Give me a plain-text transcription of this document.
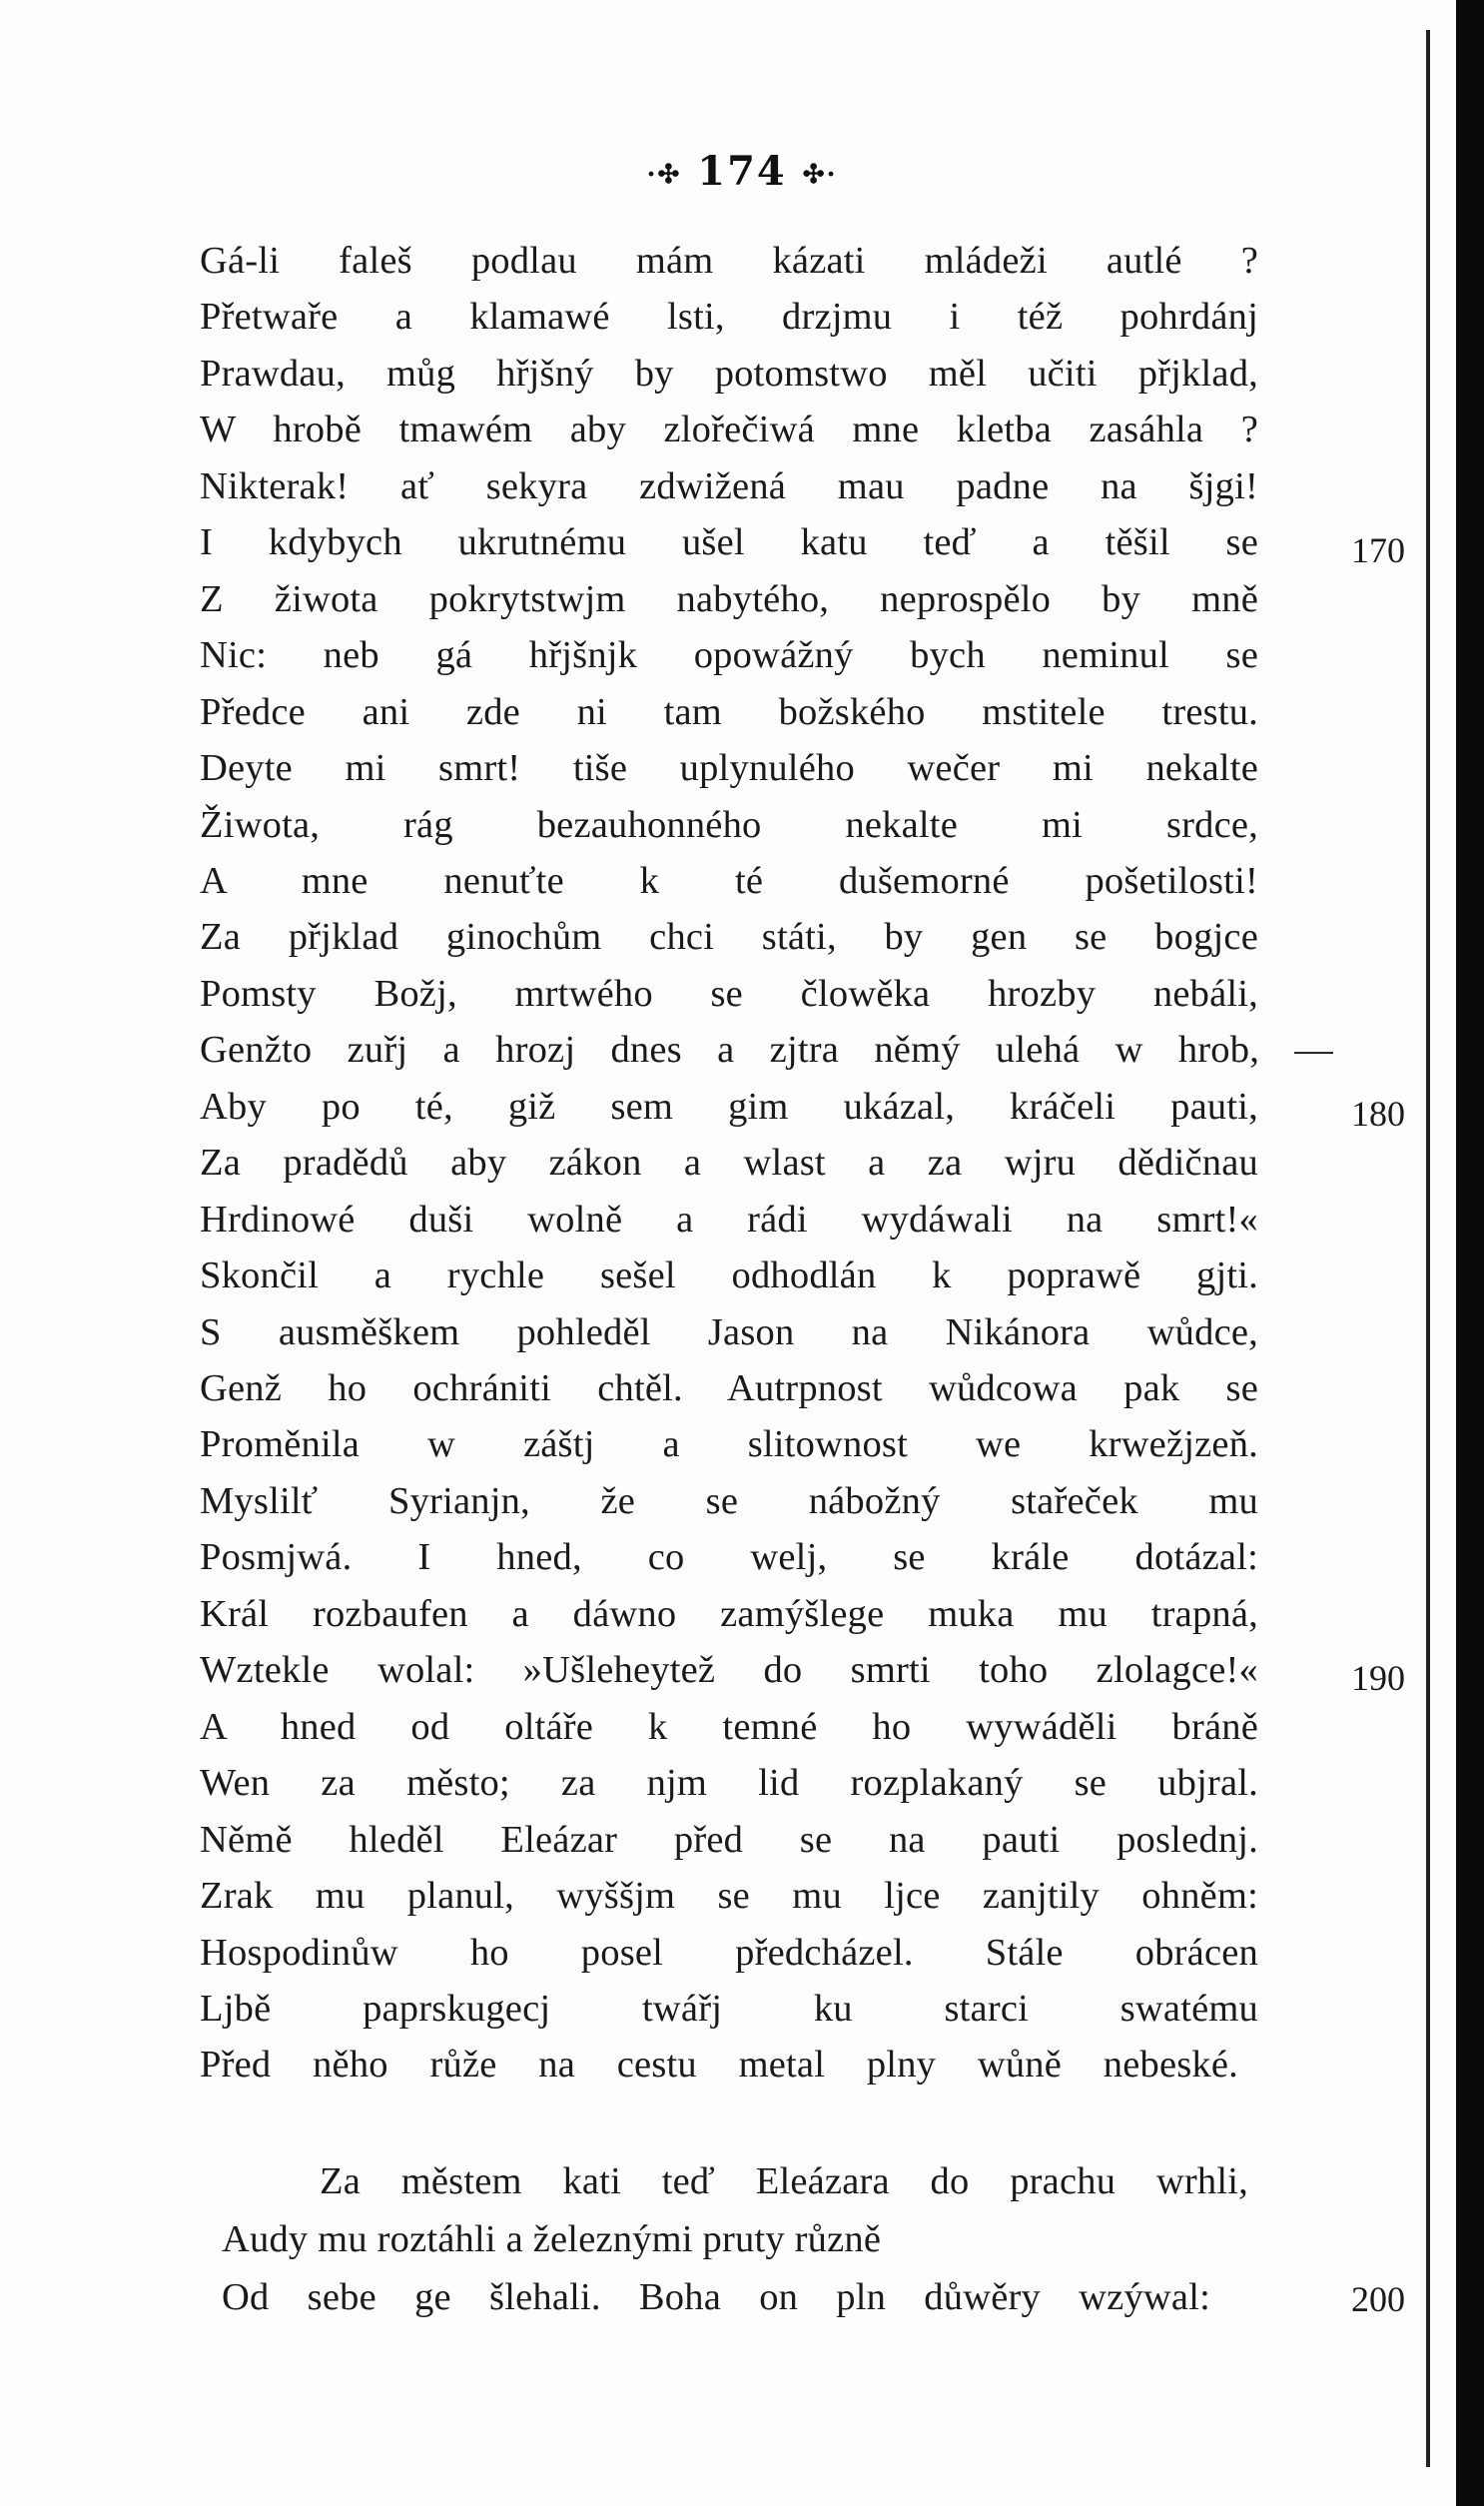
·✣ 174 ✣·
Gá-li faleš podlau mám kázati mládeži autlé ?
Přetwaře a klamawé lsti, drzjmu i též pohrdánj
Prawdau, můg hřjšný by potomstwo měl učiti přjklad,
W hrobě tmawém aby zlořečiwá mne kletba zasáhla ?
Nikterak! ať sekyra zdwižená mau padne na šjgi!
I kdybych ukrutnému ušel katu teď a těšil se
Z žiwota pokrytstwjm nabytého, neprospělo by mně
Nic: neb gá hřjšnjk opowážný bych neminul se
Předce ani zde ni tam božského mstitele trestu.
Deyte mi smrt! tiše uplynulého wečer mi nekalte
Žiwota, rág bezauhonného nekalte mi srdce,
A mne nenuťte k té dušemorné pošetilosti!
Za přjklad ginochům chci státi, by gen se bogjce
Pomsty Božj, mrtwého se člowěka hrozby nebáli,
Genžto zuřj a hrozj dnes a zjtra němý ulehá w hrob, —
Aby po té, giž sem gim ukázal, kráčeli pauti,
Za pradědů aby zákon a wlast a za wjru dědičnau
Hrdinowé duši wolně a rádi wydáwali na smrt!«
Skončil a rychle sešel odhodlán k poprawě gjti.
S ausměškem pohleděl Jason na Nikánora wůdce,
Genž ho ochrániti chtěl. Autrpnost wůdcowa pak se
Proměnila w záštj a slitownost we krwežjzeň.
Myslilť Syrianjn, že se nábožný stařeček mu
Posmjwá. I hned, co welj, se krále dotázal:
Král rozbaufen a dáwno zamýšlege muka mu trapná,
Wztekle wolal: »Ušlehеytež do smrti toho zlolagce!«
A hned od oltáře k temné ho wywáděli bráně
Wen za město; za njm lid rozplakaný se ubjral.
Němě hleděl Eleázar před se na pauti poslednj.
Zrak mu planul, wyššjm se mu ljce zanjtily ohněm:
Hospodinůw ho posel předcházel. Stále obrácen
Ljbě paprskugecj twářj ku starci swatému
Před něho růže na cestu metal plny wůně nebeské.
Za městem kati teď Eleázara do prachu wrhli,
Audy mu roztáhli a železnými pruty různě
Od sebe ge šlehali. Boha on pln důwěry wzýwal:
170
180
190
200
